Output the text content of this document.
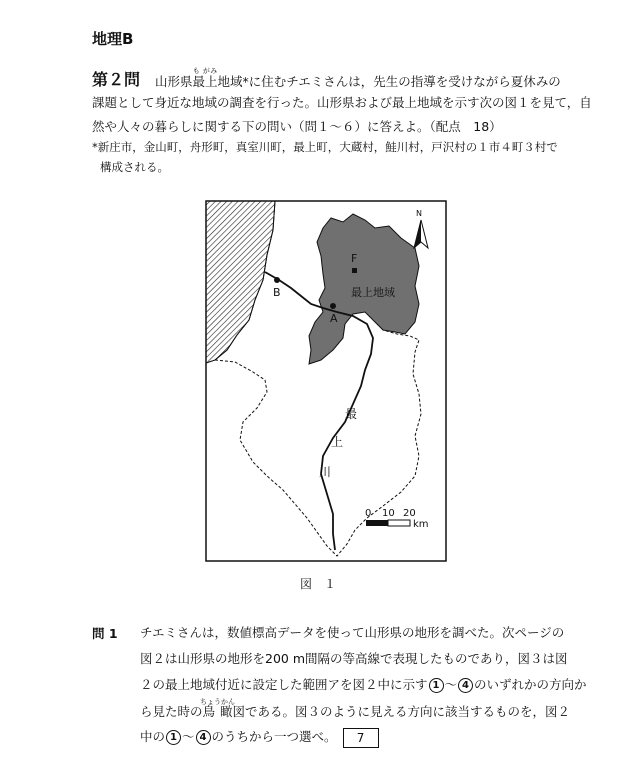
地理B
第２問 山形県最上も がみ地域*に住むチエミさんは，先生の指導を受けながら夏休みの
課題として身近な地域の調査を行った。山形県および最上地域を示す次の図１を見て，自然や人々の暮らしに関する下の問い（問１～６）に答えよ。（配点　18）
*新庄市，金山町，舟形町，真室川町，最上町，大蔵村，鮭川村，戸沢村の１市４町３村で
構成される。
F
A
B	最上地域
最
上
川
N
0 10 20
km
図　１
問 1 チエミさんは，数値標高データを使って山形県の地形を調べた。次ページの
図２は山形県の地形を200 m間隔の等高線で表現したものであり，図３は図
２の最上地域付近に設定した範囲アを図２中に示す 1 ～ 4 のいずれかの方向か
ら見た時の鳥瞰ちょうかん図である。図３のように見える方向に該当するものを，図２
中の 1 ～ 4 のうちから一つ選べ。 7
